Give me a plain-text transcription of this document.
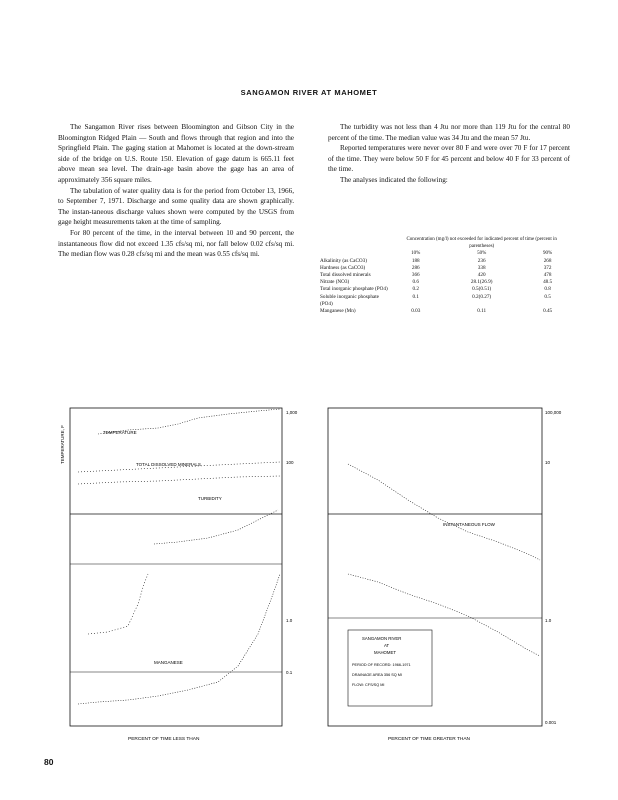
SANGAMON RIVER AT MAHOMET

The Sangamon River rises between Bloomington and Gibson City in the Bloomington Ridged Plain — South and flows through that region and into the Springfield Plain. The gaging station at Mahomet is located at the down-stream side of the bridge on U.S. Route 150. Elevation of gage datum is 665.11 feet above mean sea level. The drain-age basin above the gage has an area of approximately 356 square miles.

The tabulation of water quality data is for the period from October 13, 1966, to September 7, 1971. Discharge and some quality data are shown graphically. The instan-taneous discharge values shown were computed by the USGS from gage height measurements taken at the time of sampling.

For 80 percent of the time, in the interval between 10 and 90 percent, the instantaneous flow did not exceed 1.35 cfs/sq mi, nor fall below 0.02 cfs/sq mi. The median flow was 0.28 cfs/sq mi and the mean was 0.55 cfs/sq mi.

The turbidity was not less than 4 Jtu nor more than 119 Jtu for the central 80 percent of the time. The median value was 34 Jtu and the mean 57 Jtu.

Reported temperatures were never over 80 F and were over 70 F for 17 percent of the time. They were below 50 F for 45 percent and below 40 F for 33 percent of the time.

The analyses indicated the following:

	Concentration (mg/l) not exceeded for indicated percent of time (percent in parentheses)		
	10%	50%	90%
Alkalinity (as CaCO3)	188	236	268
Hardness (as CaCO3)	286	338	372
Total dissolved minerals	366	420	478
Nitrate (NO3)	0.6	28.1(26.9)	48.5
Total inorganic phosphate (PO4)	0.2	0.5(0.51)	0.8
Soluble inorganic phosphate (PO4)	0.1	0.2(0.27)	0.5
Manganese (Mn)	0.03	0.11	0.45
TEMPERATURE
TOTAL DISSOLVED MINERALS
TURBIDITY
MANGANESE
1,000
100
1.0
0.1
PERCENT OF TIME LESS THAN
TEMPERATURE, F
INSTANTANEOUS FLOW
SANGAMON RIVER
AT
MAHOMET
PERIOD OF RECORD: 1966-1971
DRAINAGE AREA 356 SQ MI
FLOW: CFS/SQ MI
100,000
10
1.0
0.001
PERCENT OF TIME GREATER THAN
80
